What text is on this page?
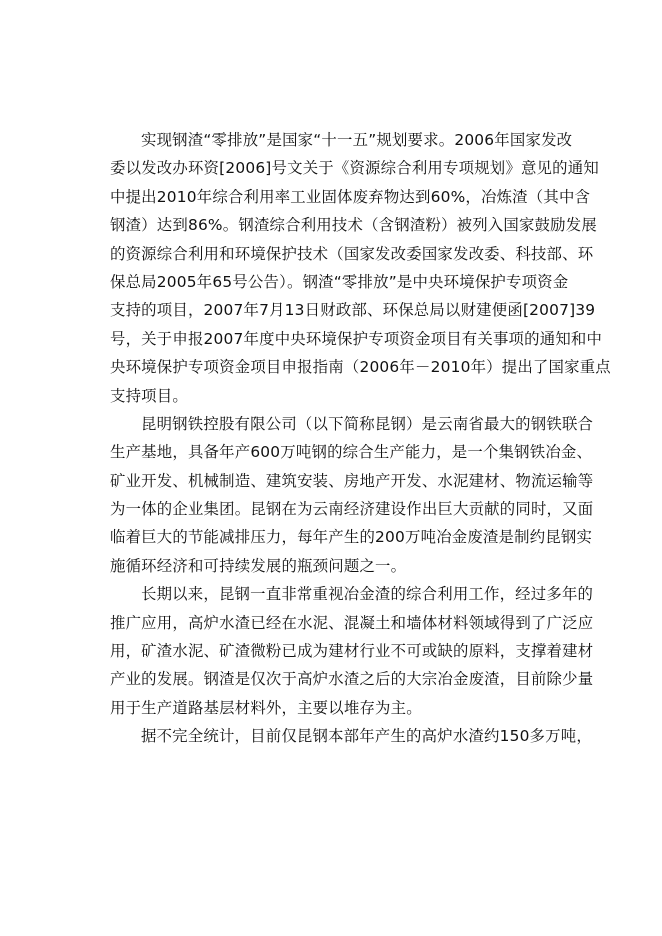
实现钢渣“零排放”是国家“十一五”规划要求。2006年国家发改
委以发改办环资[2006]号文关于《资源综合利用专项规划》意见的通知
中提出2010年综合利用率工业固体废弃物达到60%，冶炼渣（其中含
钢渣）达到86%。钢渣综合利用技术（含钢渣粉）被列入国家鼓励发展
的资源综合利用和环境保护技术（国家发改委国家发改委、科技部、环
保总局2005年65号公告）。钢渣“零排放”是中央环境保护专项资金
支持的项目，2007年7月13日财政部、环保总局以财建便函[2007]39
号，关于申报2007年度中央环境保护专项资金项目有关事项的通知和中
央环境保护专项资金项目申报指南（2006年－2010年）提出了国家重点
支持项目。
昆明钢铁控股有限公司（以下简称昆钢）是云南省最大的钢铁联合
生产基地，具备年产600万吨钢的综合生产能力，是一个集钢铁冶金、
矿业开发、机械制造、建筑安装、房地产开发、水泥建材、物流运输等
为一体的企业集团。昆钢在为云南经济建设作出巨大贡献的同时，又面
临着巨大的节能减排压力，每年产生的200万吨冶金废渣是制约昆钢实
施循环经济和可持续发展的瓶颈问题之一。
长期以来，昆钢一直非常重视冶金渣的综合利用工作，经过多年的
推广应用，高炉水渣已经在水泥、混凝土和墙体材料领域得到了广泛应
用，矿渣水泥、矿渣微粉已成为建材行业不可或缺的原料，支撑着建材
产业的发展。钢渣是仅次于高炉水渣之后的大宗冶金废渣，目前除少量
用于生产道路基层材料外，主要以堆存为主。
据不完全统计，目前仅昆钢本部年产生的高炉水渣约150多万吨，
